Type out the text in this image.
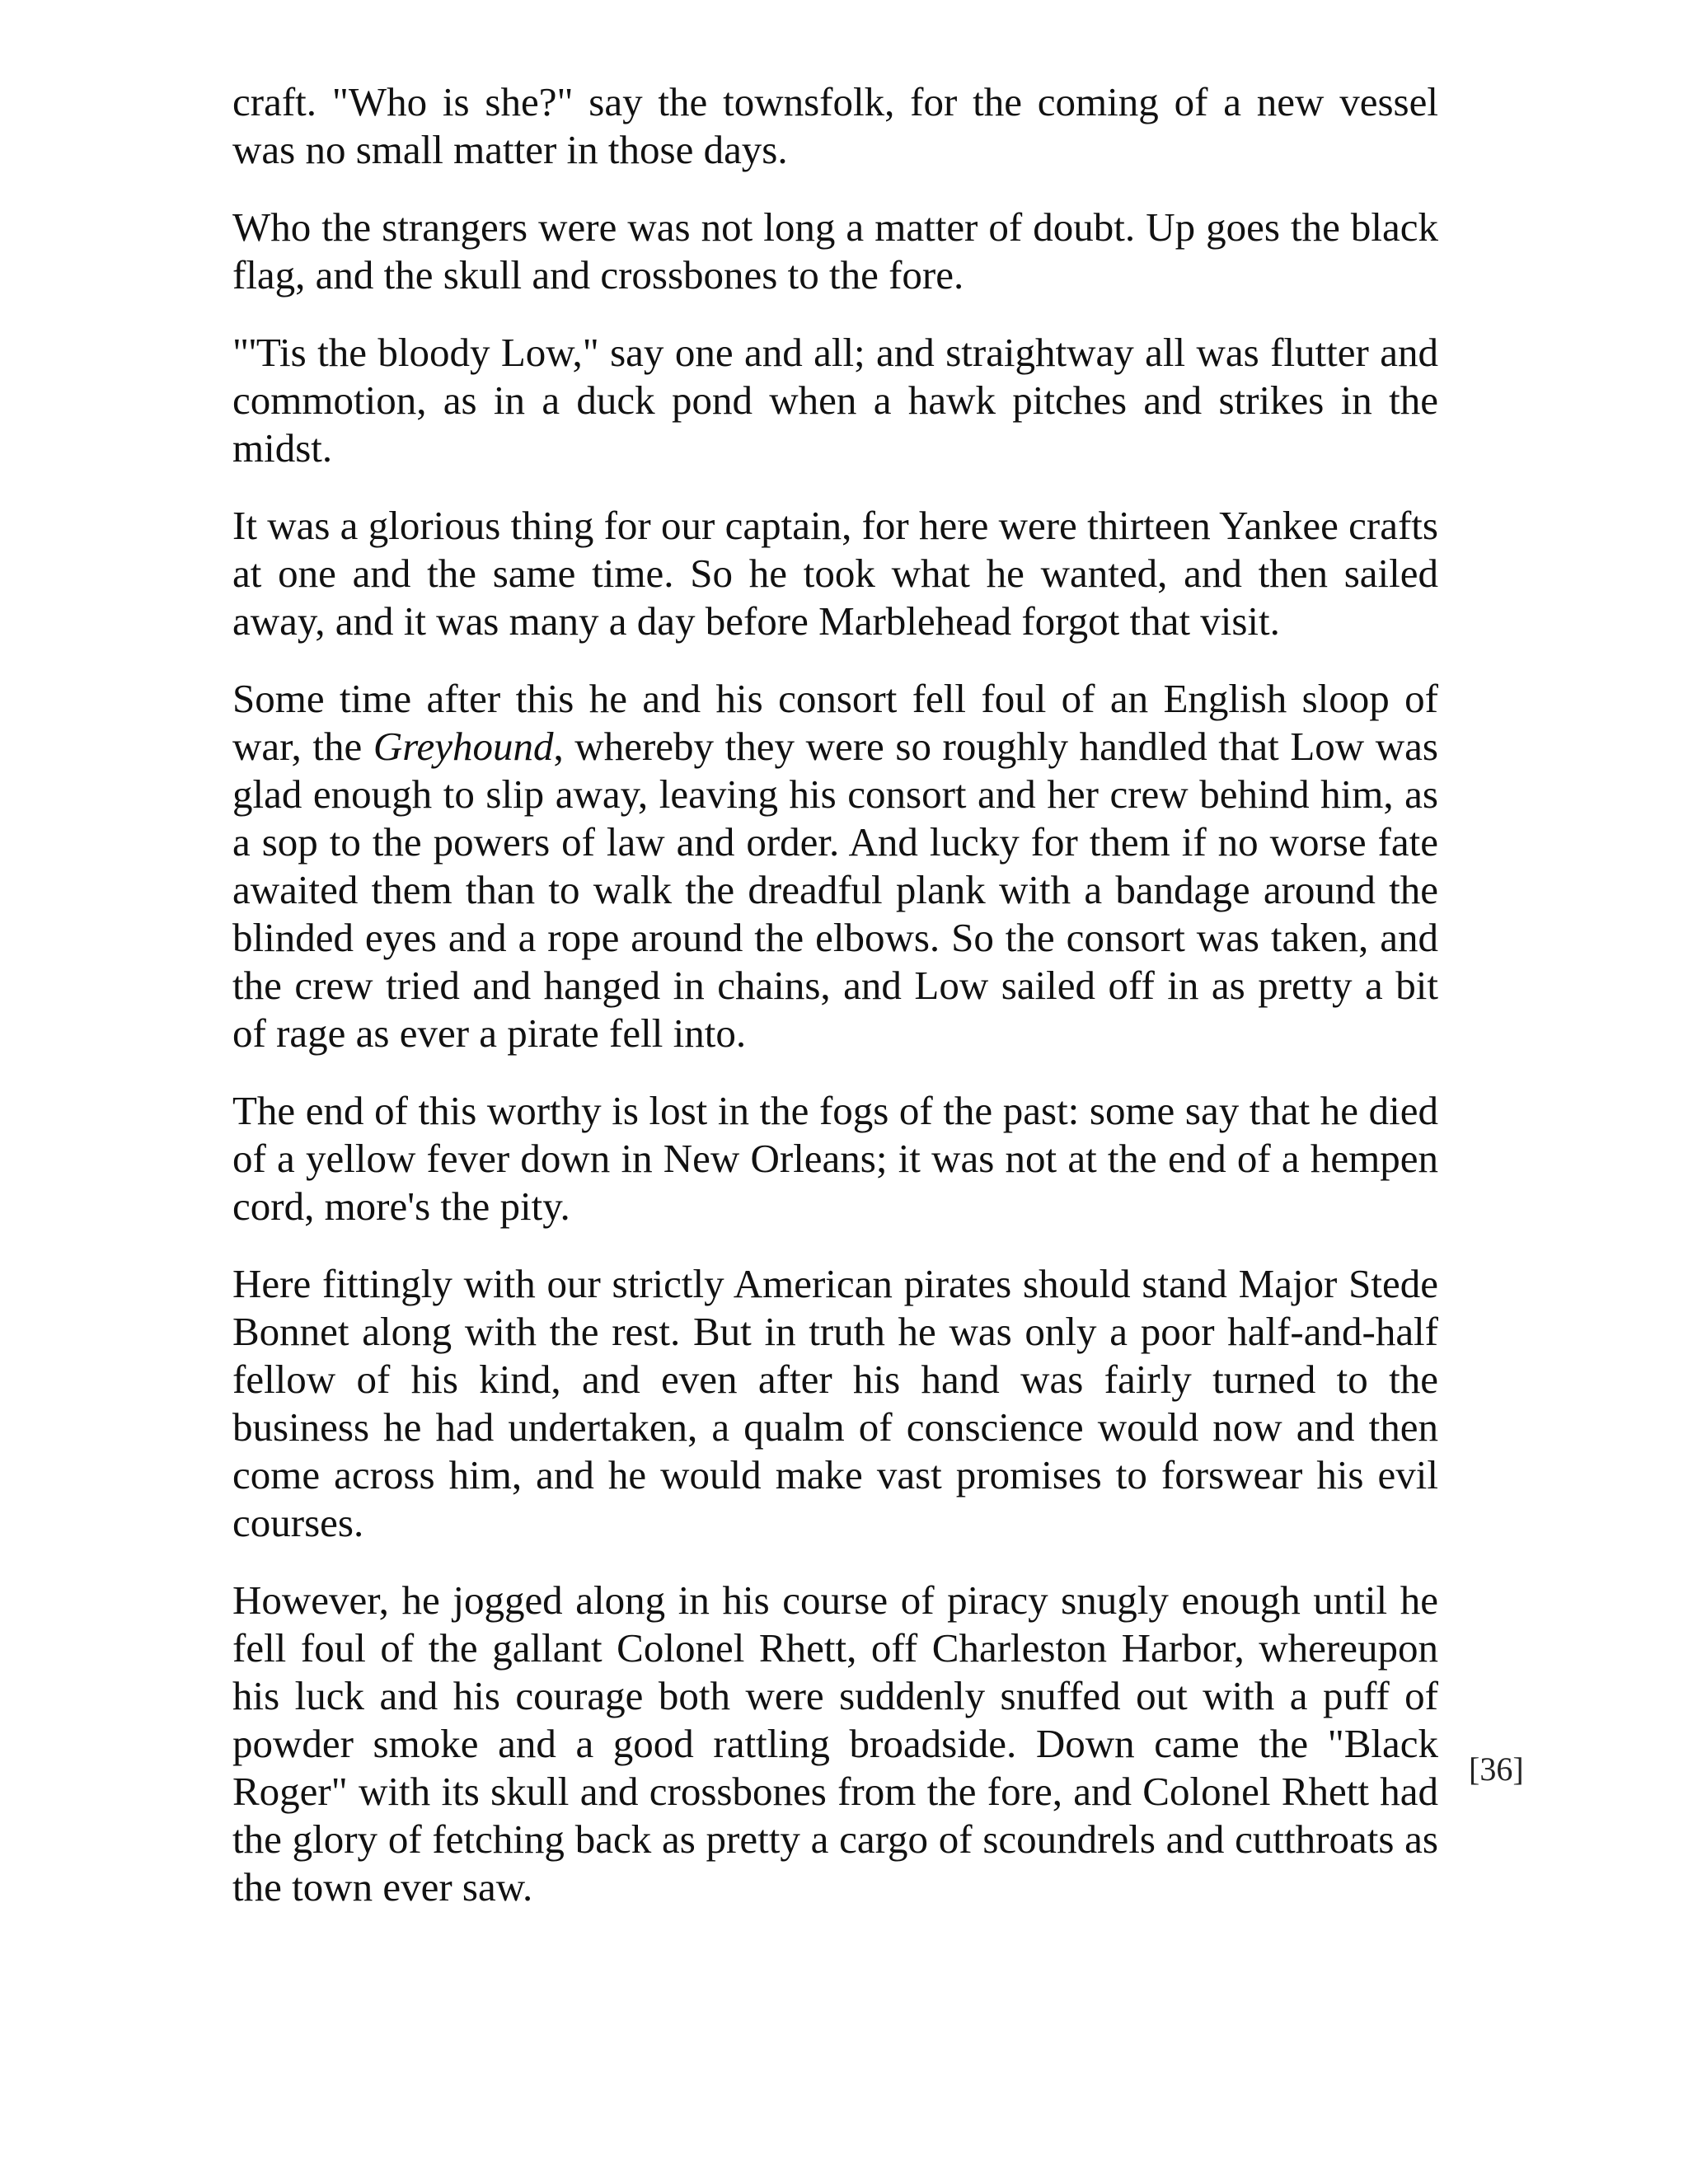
craft. "Who is she?" say the townsfolk, for the coming of a new vessel was no small matter in those days.

Who the strangers were was not long a matter of doubt. Up goes the black flag, and the skull and crossbones to the fore.

"'Tis the bloody Low," say one and all; and straightway all was flutter and commotion, as in a duck pond when a hawk pitches and strikes in the midst.

It was a glorious thing for our captain, for here were thirteen Yankee crafts at one and the same time. So he took what he wanted, and then sailed away, and it was many a day before Marblehead forgot that visit.

Some time after this he and his consort fell foul of an English sloop of war, the Greyhound, whereby they were so roughly handled that Low was glad enough to slip away, leaving his consort and her crew behind him, as a sop to the powers of law and order. And lucky for them if no worse fate awaited them than to walk the dreadful plank with a bandage around the blinded eyes and a rope around the elbows. So the consort was taken, and the crew tried and hanged in chains, and Low sailed off in as pretty a bit of rage as ever a pirate fell into.

The end of this worthy is lost in the fogs of the past: some say that he died of a yellow fever down in New Orleans; it was not at the end of a hempen cord, more's the pity.

Here fittingly with our strictly American pirates should stand Major Stede Bonnet along with the rest. But in truth he was only a poor half-and-half fellow of his kind, and even after his hand was fairly turned to the business he had undertaken, a qualm of conscience would now and then come across him, and he would make vast promises to forswear his evil courses.

However, he jogged along in his course of piracy snugly enough until he fell foul of the gallant Colonel Rhett, off Charleston Harbor, whereupon his luck and his courage both were suddenly snuffed out with a puff of powder smoke and a good rattling broadside. Down came the "Black Roger" with its skull and crossbones from the fore, and Colonel Rhett had the glory of fetching back as pretty a cargo of scoundrels and cutthroats as the town ever saw.

[36]
